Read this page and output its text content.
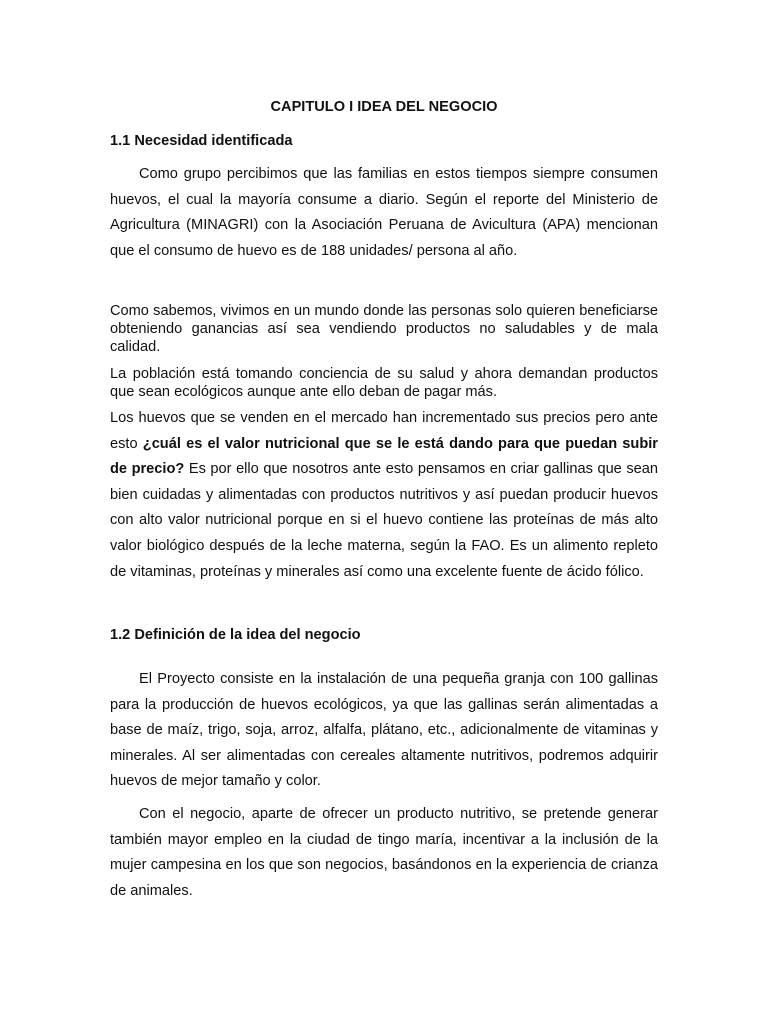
CAPITULO I IDEA DEL NEGOCIO
1.1 Necesidad identificada

Como grupo percibimos que las familias en estos tiempos siempre consumen huevos, el cual la mayoría consume a diario. Según el reporte del Ministerio de Agricultura (MINAGRI) con la Asociación Peruana de Avicultura (APA) mencionan que el consumo de huevo es de 188 unidades/ persona al año.

Como sabemos, vivimos en un mundo donde las personas solo quieren beneficiarse obteniendo ganancias así sea vendiendo productos no saludables y de mala calidad.

La población está tomando conciencia de su salud y ahora demandan productos que sean ecológicos aunque ante ello deban de pagar más.

Los huevos que se venden en el mercado han incrementado sus precios pero ante esto ¿cuál es el valor nutricional que se le está dando para que puedan subir de precio? Es por ello que nosotros ante esto pensamos en criar gallinas que sean bien cuidadas y alimentadas con productos nutritivos y así puedan producir huevos con alto valor nutricional porque en si el huevo contiene las proteínas de más alto valor biológico después de la leche materna, según la FAO. Es un alimento repleto de vitaminas, proteínas y minerales así como una excelente fuente de ácido fólico.

1.2 Definición de la idea del negocio

El Proyecto consiste en la instalación de una pequeña granja con 100 gallinas para la producción de huevos ecológicos, ya que las gallinas serán alimentadas a base de maíz, trigo, soja, arroz, alfalfa, plátano, etc., adicionalmente de vitaminas y minerales. Al ser alimentadas con cereales altamente nutritivos, podremos adquirir huevos de mejor tamaño y color.

Con el negocio, aparte de ofrecer un producto nutritivo, se pretende generar también mayor empleo en la ciudad de tingo maría, incentivar a la inclusión de la mujer campesina en los que son negocios, basándonos en la experiencia de crianza de animales.
